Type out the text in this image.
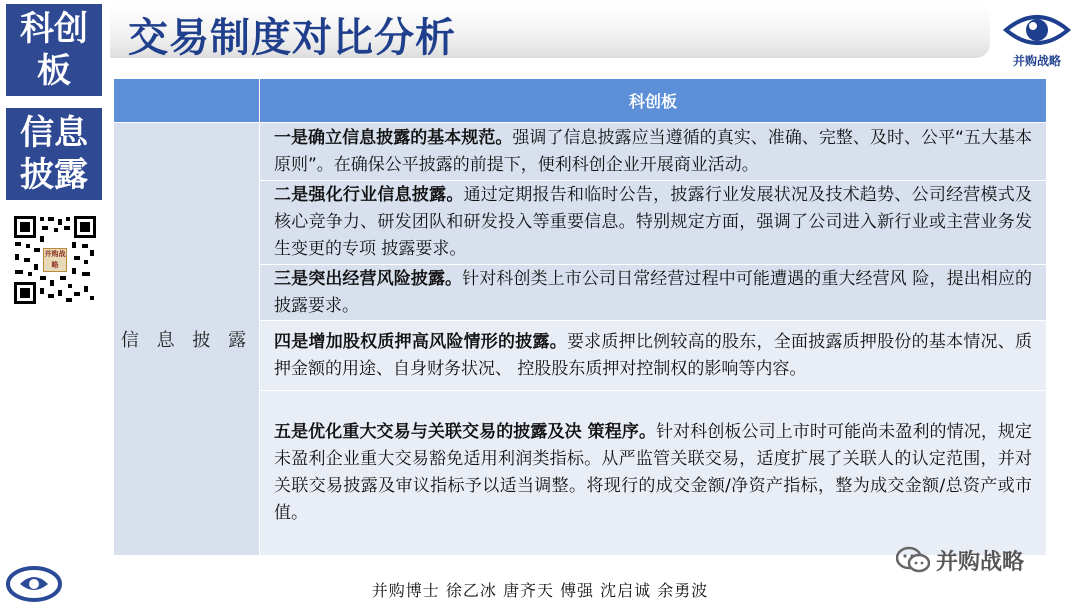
科创板
信息披露
并购战略
交易制度对比分析	并购战略
	科创板
信 息 披 露	一是确立信息披露的基本规范。强调了信息披露应当遵循的真实、准确、完整、及时、公平“五大基本原则”。在确保公平披露的前提下，便利科创企业开展商业活动。
	二是强化行业信息披露。通过定期报告和临时公告，披露行业发展状况及技术趋势、公司经营模式及核心竞争力、研发团队和研发投入等重要信息。特别规定方面，强调了公司进入新行业或主营业务发生变更的专项 披露要求。
	三是突出经营风险披露。针对科创类上市公司日常经营过程中可能遭遇的重大经营风 险，提出相应的披露要求。
	四是增加股权质押高风险情形的披露。要求质押比例较高的股东，全面披露质押股份的基本情况、质押金额的用途、自身财务状况、 控股股东质押对控制权的影响等内容。
	五是优化重大交易与关联交易的披露及决 策程序。针对科创板公司上市时可能尚未盈利的情况，规定未盈利企业重大交易豁免适用利润类指标。从严监管关联交易，适度扩展了关联人的认定范围，并对关联交易披露及审议指标予以适当调整。将现行的成交金额/净资产指标，整为成交金额/总资产或市值。
并购博士 徐乙冰 唐齐天 傅强 沈启诚 余勇波
并购战略
